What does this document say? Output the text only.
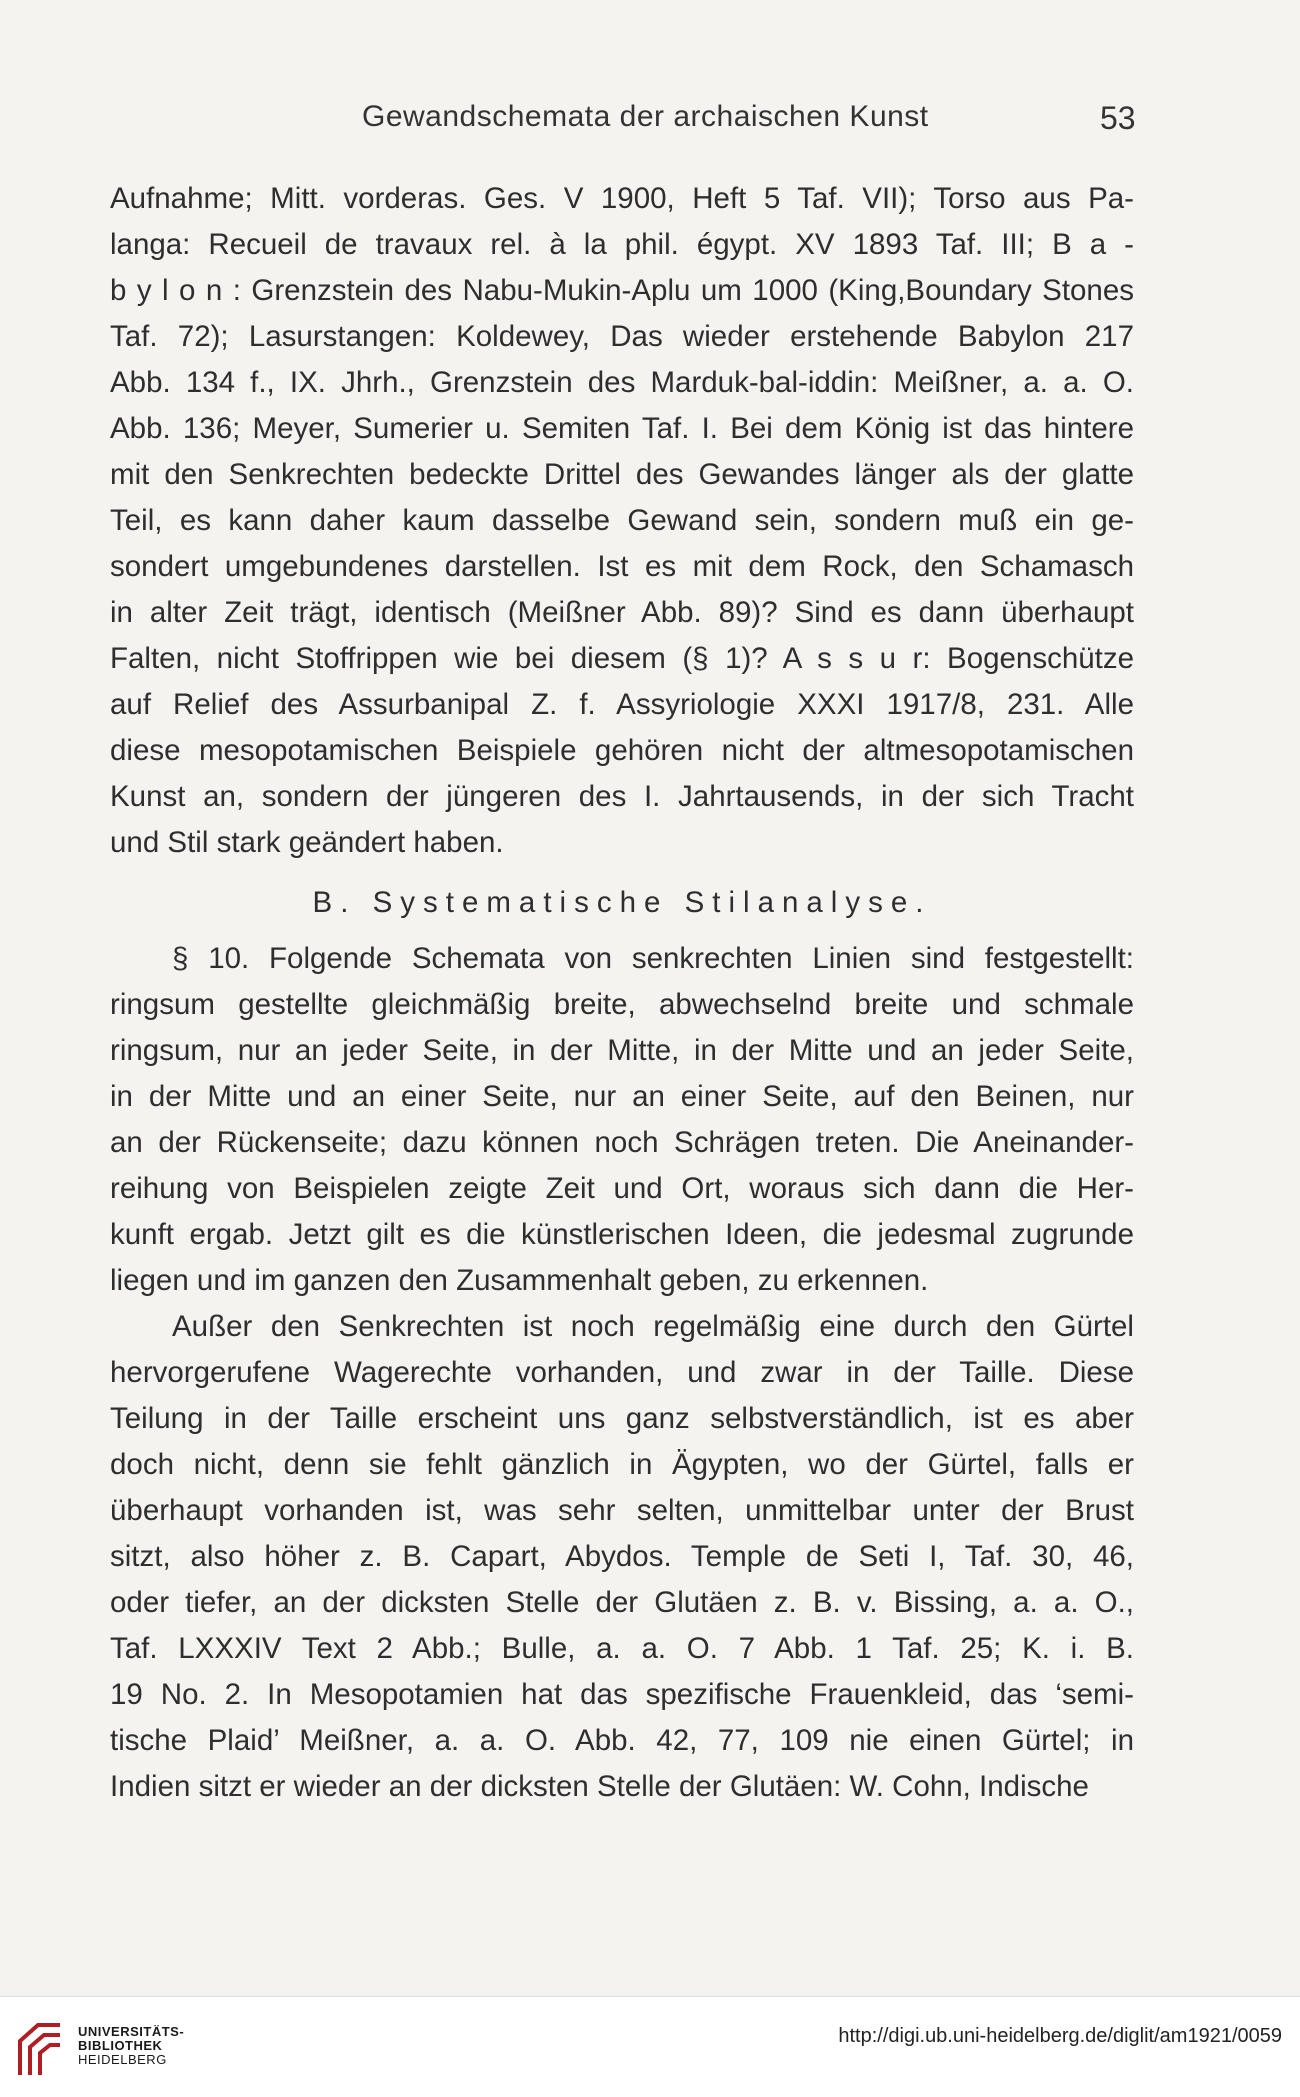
Gewandschemata der archaischen Kunst	53
Aufnahme; Mitt. vorderas. Ges. V 1900, Heft 5 Taf. VII); Torso aus Pa-
langa: Recueil de travaux rel. à la phil. égypt. XV 1893 Taf. III; B a -
b y l o n : Grenzstein des Nabu-Mukin-Aplu um 1000 (King,Boundary Stones
Taf. 72); Lasurstangen: Koldewey, Das wieder erstehende Babylon 217
Abb. 134 f., IX. Jhrh., Grenzstein des Marduk-bal-iddin: Meißner, a. a. O.
Abb. 136; Meyer, Sumerier u. Semiten Taf. I. Bei dem König ist das hintere
mit den Senkrechten bedeckte Drittel des Gewandes länger als der glatte
Teil, es kann daher kaum dasselbe Gewand sein, sondern muß ein ge-
sondert umgebundenes darstellen. Ist es mit dem Rock, den Schamasch
in alter Zeit trägt, identisch (Meißner Abb. 89)? Sind es dann überhaupt
Falten, nicht Stoffrippen wie bei diesem (§ 1)? A s s u r: Bogenschütze
auf Relief des Assurbanipal Z. f. Assyriologie XXXI 1917/8, 231. Alle
diese mesopotamischen Beispiele gehören nicht der altmesopotamischen
Kunst an, sondern der jüngeren des I. Jahrtausends, in der sich Tracht
und Stil stark geändert haben.
B. Systematische Stilanalyse.
§ 10. Folgende Schemata von senkrechten Linien sind festgestellt:
ringsum gestellte gleichmäßig breite, abwechselnd breite und schmale
ringsum, nur an jeder Seite, in der Mitte, in der Mitte und an jeder Seite,
in der Mitte und an einer Seite, nur an einer Seite, auf den Beinen, nur
an der Rückenseite; dazu können noch Schrägen treten. Die Aneinander-
reihung von Beispielen zeigte Zeit und Ort, woraus sich dann die Her-
kunft ergab. Jetzt gilt es die künstlerischen Ideen, die jedesmal zugrunde
liegen und im ganzen den Zusammenhalt geben, zu erkennen.
Außer den Senkrechten ist noch regelmäßig eine durch den Gürtel
hervorgerufene Wagerechte vorhanden, und zwar in der Taille. Diese
Teilung in der Taille erscheint uns ganz selbstverständlich, ist es aber
doch nicht, denn sie fehlt gänzlich in Ägypten, wo der Gürtel, falls er
überhaupt vorhanden ist, was sehr selten, unmittelbar unter der Brust
sitzt, also höher z. B. Capart, Abydos. Temple de Seti I, Taf. 30, 46,
oder tiefer, an der dicksten Stelle der Glutäen z. B. v. Bissing, a. a. O.,
Taf. LXXXIV Text 2 Abb.; Bulle, a. a. O. 7 Abb. 1 Taf. 25; K. i. B.
19 No. 2. In Mesopotamien hat das spezifische Frauenkleid, das ‘semi-
tische Plaid’ Meißner, a. a. O. Abb. 42, 77, 109 nie einen Gürtel; in
Indien sitzt er wieder an der dicksten Stelle der Glutäen: W. Cohn, Indische
UNIVERSITÄTS-
BIBLIOTHEK
HEIDELBERG
http://digi.ub.uni-heidelberg.de/diglit/am1921/0059
